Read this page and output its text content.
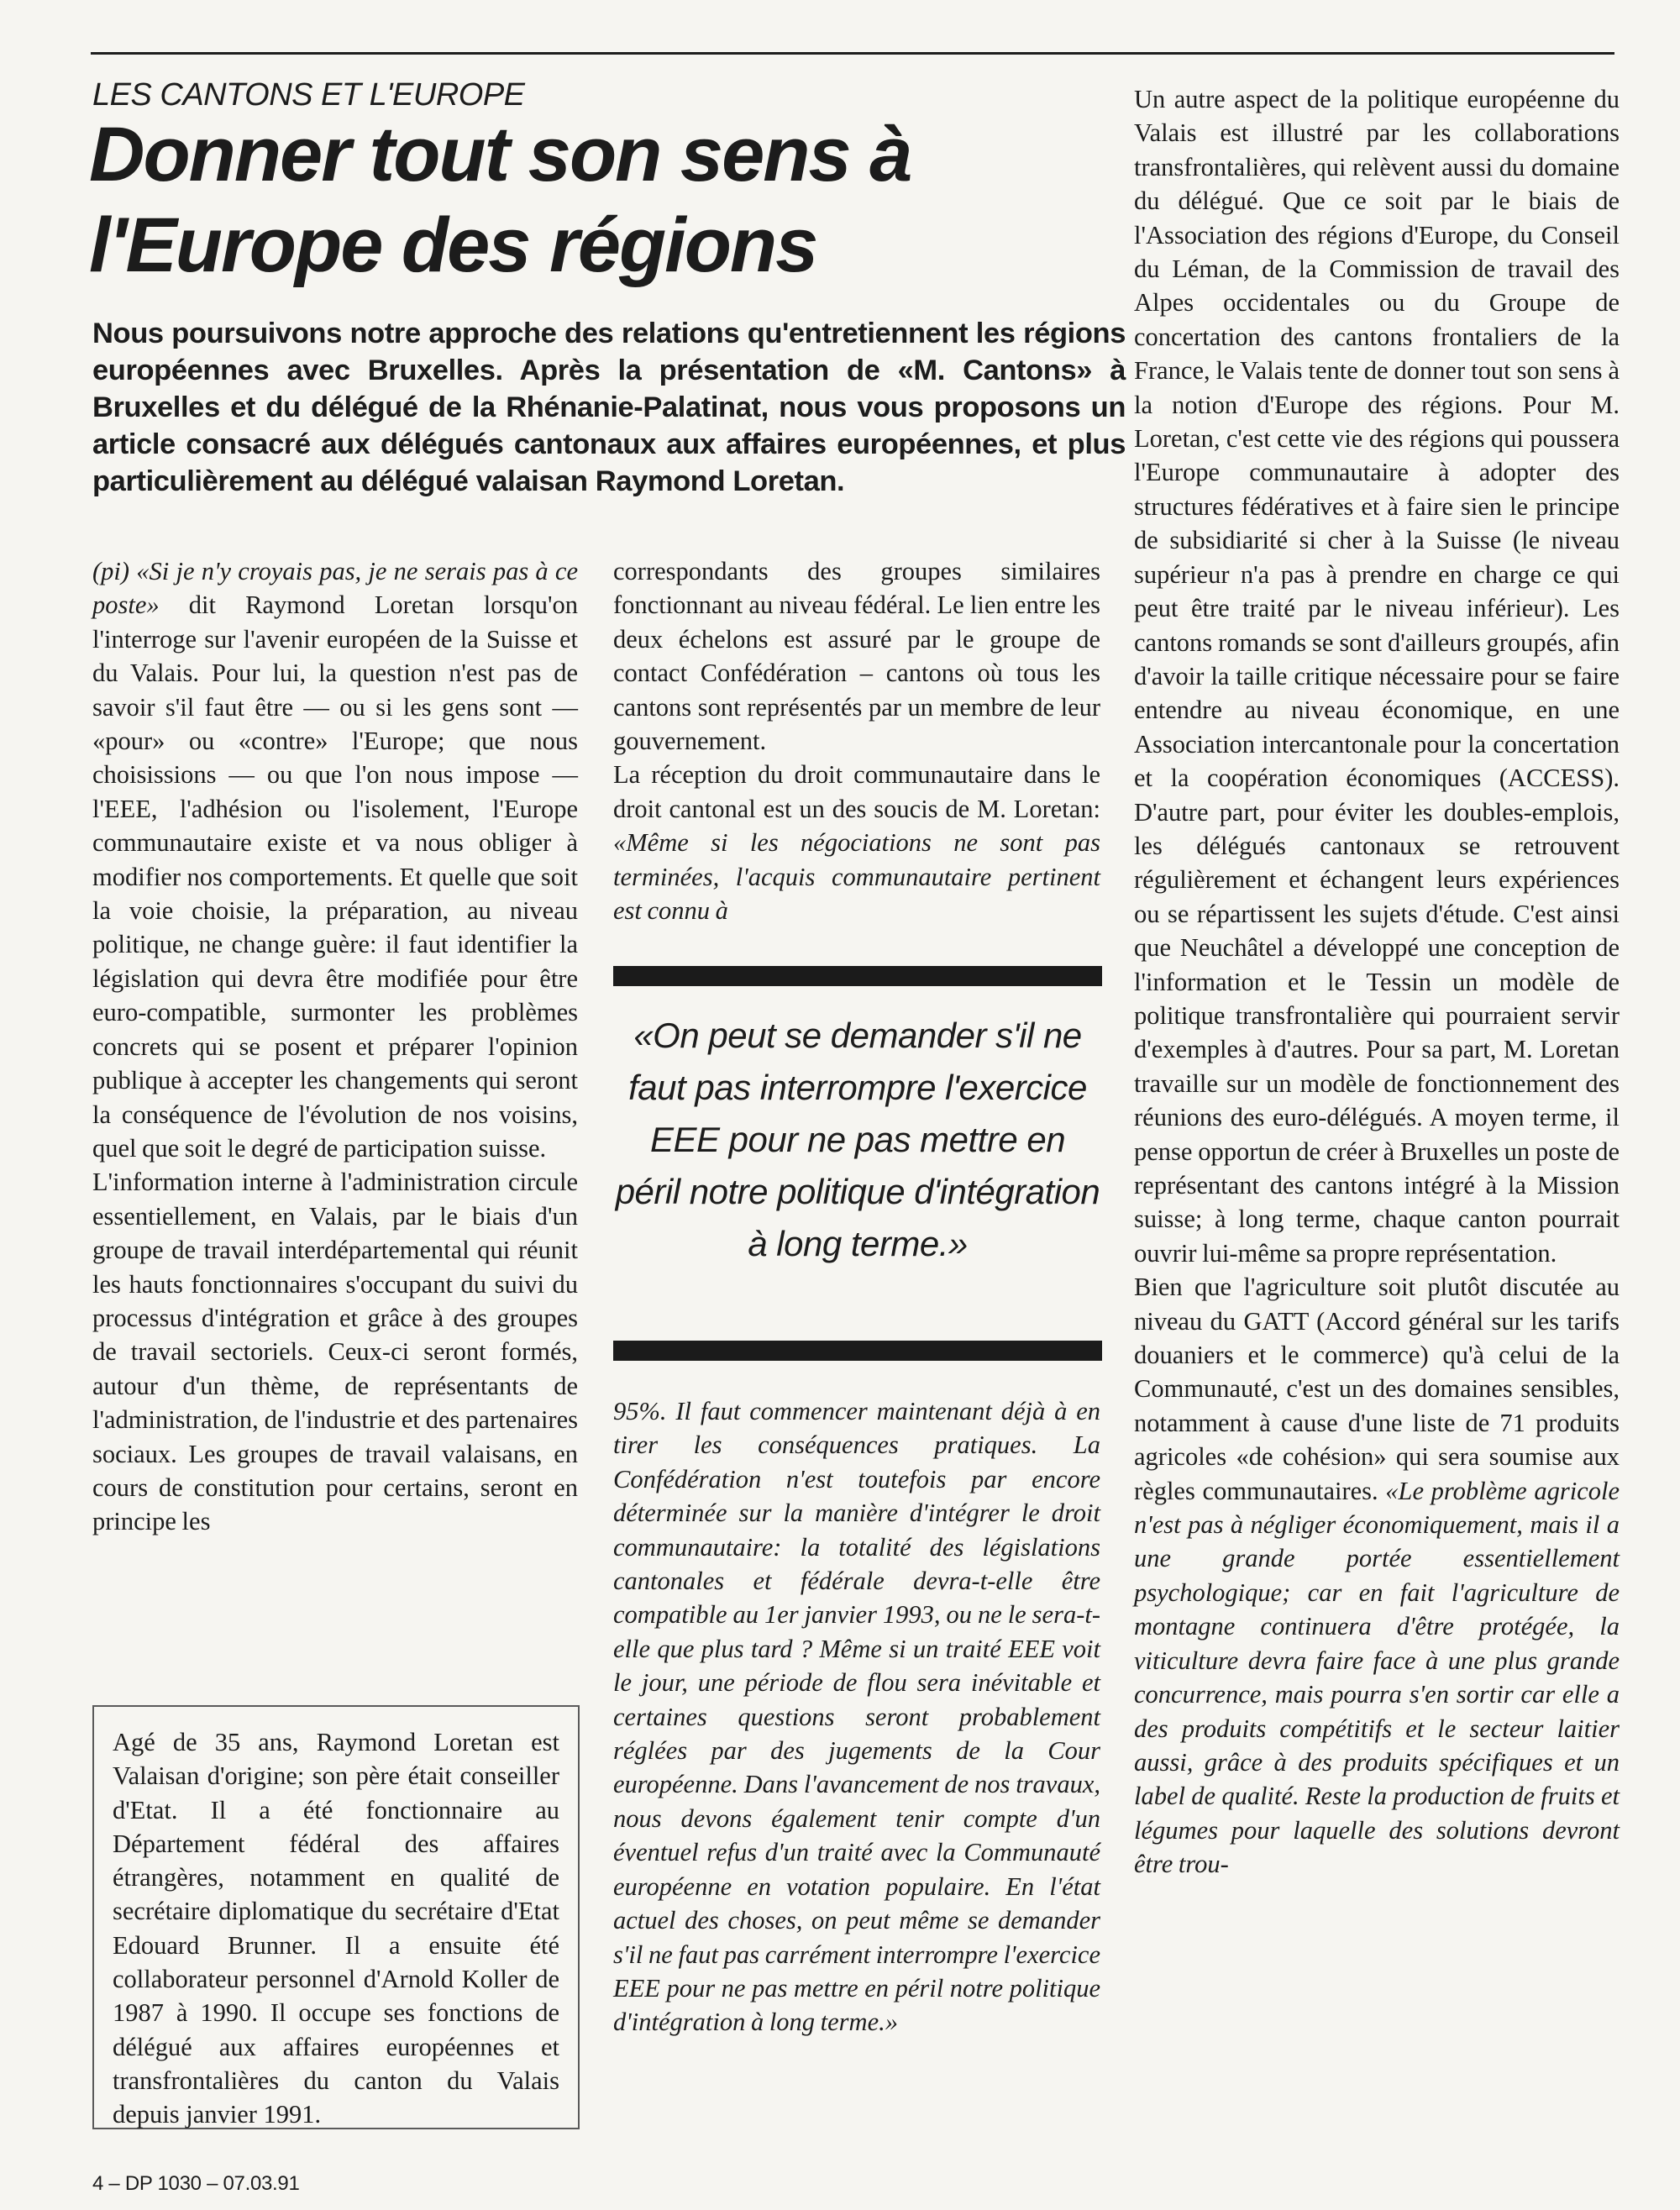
LES CANTONS ET L'EUROPE
Donner tout son sens à
l'Europe des régions
Nous poursuivons notre approche des relations qu'entretiennent les régions européennes avec Bruxelles. Après la présentation de «M. Cantons» à Bruxelles et du délégué de la Rhénanie-Palatinat, nous vous proposons un article consacré aux délégués cantonaux aux affaires européennes, et plus particulièrement au délégué valaisan Raymond Loretan.

(pi) «Si je n'y croyais pas, je ne serais pas à ce poste» dit Raymond Loretan lorsqu'on l'interroge sur l'avenir européen de la Suisse et du Valais. Pour lui, la question n'est pas de savoir s'il faut être — ou si les gens sont — «pour» ou «contre» l'Europe; que nous choisissions — ou que l'on nous impose — l'EEE, l'adhésion ou l'isolement, l'Europe communautaire existe et va nous obliger à modifier nos comportements. Et quelle que soit la voie choisie, la préparation, au niveau politique, ne change guère: il faut identifier la législation qui devra être modifiée pour être euro-compatible, surmonter les problèmes concrets qui se posent et préparer l'opinion publique à accepter les changements qui seront la conséquence de l'évolution de nos voisins, quel que soit le degré de participation suisse.

L'information interne à l'administration circule essentiellement, en Valais, par le biais d'un groupe de travail interdépartemental qui réunit les hauts fonctionnaires s'occupant du suivi du processus d'intégration et grâce à des groupes de travail sectoriels. Ceux-ci seront formés, autour d'un thème, de représentants de l'administration, de l'industrie et des partenaires sociaux. Les groupes de travail valaisans, en cours de constitution pour certains, seront en principe les

correspondants des groupes similaires fonctionnant au niveau fédéral. Le lien entre les deux échelons est assuré par le groupe de contact Confédération – cantons où tous les cantons sont représentés par un membre de leur gouvernement.

La réception du droit communautaire dans le droit cantonal est un des soucis de M. Loretan: «Même si les négociations ne sont pas terminées, l'acquis communautaire pertinent est connu à

«On peut se demander s'il ne faut pas interrompre l'exercice EEE pour ne pas mettre en péril notre politique d'intégration à long terme.»

95%. Il faut commencer maintenant déjà à en tirer les conséquences pratiques. La Confédération n'est toutefois par encore déterminée sur la manière d'intégrer le droit communautaire: la totalité des législations cantonales et fédérale devra-t-elle être compatible au 1er janvier 1993, ou ne le sera-t-elle que plus tard ? Même si un traité EEE voit le jour, une période de flou sera inévitable et certaines questions seront probablement réglées par des jugements de la Cour européenne. Dans l'avancement de nos travaux, nous devons également tenir compte d'un éventuel refus d'un traité avec la Communauté européenne en votation populaire. En l'état actuel des choses, on peut même se demander s'il ne faut pas carrément interrompre l'exercice EEE pour ne pas mettre en péril notre politique d'intégration à long terme.»

Un autre aspect de la politique européenne du Valais est illustré par les collaborations transfrontalières, qui relèvent aussi du domaine du délégué. Que ce soit par le biais de l'Association des régions d'Europe, du Conseil du Léman, de la Commission de travail des Alpes occidentales ou du Groupe de concertation des cantons frontaliers de la France, le Valais tente de donner tout son sens à la notion d'Europe des régions. Pour M. Loretan, c'est cette vie des régions qui poussera l'Europe communautaire à adopter des structures fédératives et à faire sien le principe de subsidiarité si cher à la Suisse (le niveau supérieur n'a pas à prendre en charge ce qui peut être traité par le niveau inférieur). Les cantons romands se sont d'ailleurs groupés, afin d'avoir la taille critique nécessaire pour se faire entendre au niveau économique, en une Association intercantonale pour la concertation et la coopération économiques (ACCESS). D'autre part, pour éviter les doubles-emplois, les délégués cantonaux se retrouvent régulièrement et échangent leurs expériences ou se répartissent les sujets d'étude. C'est ainsi que Neuchâtel a développé une conception de l'information et le Tessin un modèle de politique transfrontalière qui pourraient servir d'exemples à d'autres. Pour sa part, M. Loretan travaille sur un modèle de fonctionnement des réunions des euro-délégués. A moyen terme, il pense opportun de créer à Bruxelles un poste de représentant des cantons intégré à la Mission suisse; à long terme, chaque canton pourrait ouvrir lui-même sa propre représentation.

Bien que l'agriculture soit plutôt discutée au niveau du GATT (Accord général sur les tarifs douaniers et le commerce) qu'à celui de la Communauté, c'est un des domaines sensibles, notamment à cause d'une liste de 71 produits agricoles «de cohésion» qui sera soumise aux règles communautaires. «Le problème agricole n'est pas à négliger économiquement, mais il a une grande portée essentiellement psychologique; car en fait l'agriculture de montagne continuera d'être protégée, la viticulture devra faire face à une plus grande concurrence, mais pourra s'en sortir car elle a des produits compétitifs et le secteur laitier aussi, grâce à des produits spécifiques et un label de qualité. Reste la production de fruits et légumes pour laquelle des solutions devront être trou-

Agé de 35 ans, Raymond Loretan est Valaisan d'origine; son père était conseiller d'Etat. Il a été fonctionnaire au Département fédéral des affaires étrangères, notamment en qualité de secrétaire diplomatique du secrétaire d'Etat Edouard Brunner. Il a ensuite été collaborateur personnel d'Arnold Koller de 1987 à 1990. Il occupe ses fonctions de délégué aux affaires européennes et transfrontalières du canton du Valais depuis janvier 1991.
4 – DP 1030 – 07.03.91
